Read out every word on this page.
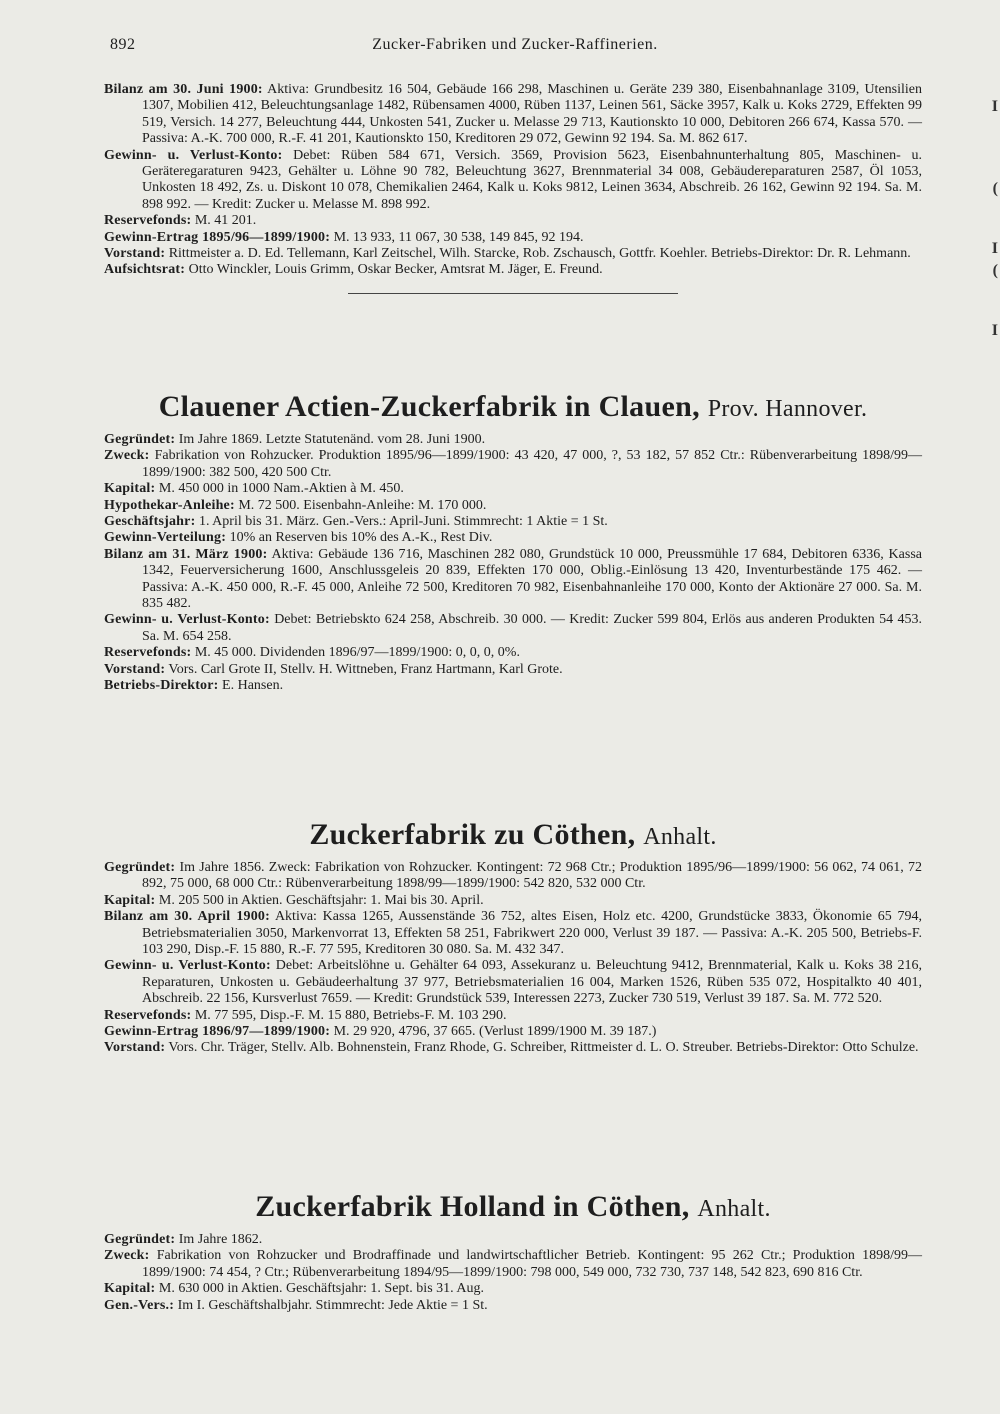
892	Zucker-Fabriken und Zucker-Raffinerien.
I
(
I
(
I

Bilanz am 30. Juni 1900: Aktiva: Grundbesitz 16 504, Gebäude 166 298, Maschinen u. Geräte 239 380, Eisenbahnanlage 3109, Utensilien 1307, Mobilien 412, Beleuchtungsanlage 1482, Rübensamen 4000, Rüben 1137, Leinen 561, Säcke 3957, Kalk u. Koks 2729, Effekten 99 519, Versich. 14 277, Beleuchtung 444, Unkosten 541, Zucker u. Melasse 29 713, Kautionskto 10 000, Debitoren 266 674, Kassa 570. — Passiva: A.-K. 700 000, R.-F. 41 201, Kautionskto 150, Kreditoren 29 072, Gewinn 92 194. Sa. M. 862 617.

Gewinn- u. Verlust-Konto: Debet: Rüben 584 671, Versich. 3569, Provision 5623, Eisenbahnunterhaltung 805, Maschinen- u. Geräteregaraturen 9423, Gehälter u. Löhne 90 782, Beleuchtung 3627, Brennmaterial 34 008, Gebäudereparaturen 2587, Öl 1053, Unkosten 18 492, Zs. u. Diskont 10 078, Chemikalien 2464, Kalk u. Koks 9812, Leinen 3634, Abschreib. 26 162, Gewinn 92 194. Sa. M. 898 992. — Kredit: Zucker u. Melasse M. 898 992.

Reservefonds: M. 41 201.

Gewinn-Ertrag 1895/96—1899/1900: M. 13 933, 11 067, 30 538, 149 845, 92 194.

Vorstand: Rittmeister a. D. Ed. Tellemann, Karl Zeitschel, Wilh. Starcke, Rob. Zschausch, Gottfr. Koehler. Betriebs-Direktor: Dr. R. Lehmann.

Aufsichtsrat: Otto Winckler, Louis Grimm, Oskar Becker, Amtsrat M. Jäger, E. Freund.

Clauener Actien-Zuckerfabrik in Clauen, Prov. Hannover.

Gegründet: Im Jahre 1869. Letzte Statutenänd. vom 28. Juni 1900.

Zweck: Fabrikation von Rohzucker. Produktion 1895/96—1899/1900: 43 420, 47 000, ?, 53 182, 57 852 Ctr.: Rübenverarbeitung 1898/99—1899/1900: 382 500, 420 500 Ctr.

Kapital: M. 450 000 in 1000 Nam.-Aktien à M. 450.

Hypothekar-Anleihe: M. 72 500. Eisenbahn-Anleihe: M. 170 000.

Geschäftsjahr: 1. April bis 31. März. Gen.-Vers.: April-Juni. Stimmrecht: 1 Aktie = 1 St.

Gewinn-Verteilung: 10% an Reserven bis 10% des A.-K., Rest Div.

Bilanz am 31. März 1900: Aktiva: Gebäude 136 716, Maschinen 282 080, Grundstück 10 000, Preussmühle 17 684, Debitoren 6336, Kassa 1342, Feuerversicherung 1600, Anschlussgeleis 20 839, Effekten 170 000, Oblig.-Einlösung 13 420, Inventurbestände 175 462. — Passiva: A.-K. 450 000, R.-F. 45 000, Anleihe 72 500, Kreditoren 70 982, Eisenbahnanleihe 170 000, Konto der Aktionäre 27 000. Sa. M. 835 482.

Gewinn- u. Verlust-Konto: Debet: Betriebskto 624 258, Abschreib. 30 000. — Kredit: Zucker 599 804, Erlös aus anderen Produkten 54 453. Sa. M. 654 258.

Reservefonds: M. 45 000. Dividenden 1896/97—1899/1900: 0, 0, 0, 0%.

Vorstand: Vors. Carl Grote II, Stellv. H. Wittneben, Franz Hartmann, Karl Grote.

Betriebs-Direktor: E. Hansen.

Zuckerfabrik zu Cöthen, Anhalt.

Gegründet: Im Jahre 1856. Zweck: Fabrikation von Rohzucker. Kontingent: 72 968 Ctr.; Produktion 1895/96—1899/1900: 56 062, 74 061, 72 892, 75 000, 68 000 Ctr.: Rübenverarbeitung 1898/99—1899/1900: 542 820, 532 000 Ctr.

Kapital: M. 205 500 in Aktien. Geschäftsjahr: 1. Mai bis 30. April.

Bilanz am 30. April 1900: Aktiva: Kassa 1265, Aussenstände 36 752, altes Eisen, Holz etc. 4200, Grundstücke 3833, Ökonomie 65 794, Betriebsmaterialien 3050, Markenvorrat 13, Effekten 58 251, Fabrikwert 220 000, Verlust 39 187. — Passiva: A.-K. 205 500, Betriebs-F. 103 290, Disp.-F. 15 880, R.-F. 77 595, Kreditoren 30 080. Sa. M. 432 347.

Gewinn- u. Verlust-Konto: Debet: Arbeitslöhne u. Gehälter 64 093, Assekuranz u. Beleuchtung 9412, Brennmaterial, Kalk u. Koks 38 216, Reparaturen, Unkosten u. Gebäudeerhaltung 37 977, Betriebsmaterialien 16 004, Marken 1526, Rüben 535 072, Hospitalkto 40 401, Abschreib. 22 156, Kursverlust 7659. — Kredit: Grundstück 539, Interessen 2273, Zucker 730 519, Verlust 39 187. Sa. M. 772 520.

Reservefonds: M. 77 595, Disp.-F. M. 15 880, Betriebs-F. M. 103 290.

Gewinn-Ertrag 1896/97—1899/1900: M. 29 920, 4796, 37 665. (Verlust 1899/1900 M. 39 187.)

Vorstand: Vors. Chr. Träger, Stellv. Alb. Bohnenstein, Franz Rhode, G. Schreiber, Rittmeister d. L. O. Streuber. Betriebs-Direktor: Otto Schulze.

Zuckerfabrik Holland in Cöthen, Anhalt.

Gegründet: Im Jahre 1862.

Zweck: Fabrikation von Rohzucker und Brodraffinade und landwirtschaftlicher Betrieb. Kontingent: 95 262 Ctr.; Produktion 1898/99—1899/1900: 74 454, ? Ctr.; Rübenverarbeitung 1894/95—1899/1900: 798 000, 549 000, 732 730, 737 148, 542 823, 690 816 Ctr.

Kapital: M. 630 000 in Aktien. Geschäftsjahr: 1. Sept. bis 31. Aug.

Gen.-Vers.: Im I. Geschäftshalbjahr. Stimmrecht: Jede Aktie = 1 St.
